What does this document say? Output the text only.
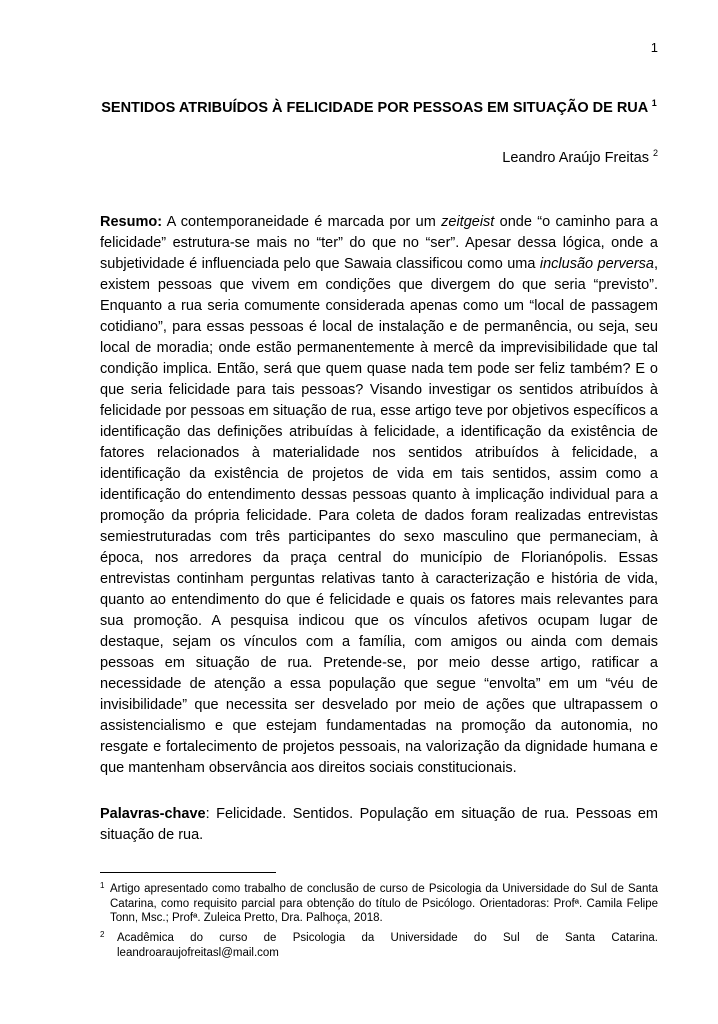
1
SENTIDOS ATRIBUÍDOS À FELICIDADE POR PESSOAS EM SITUAÇÃO DE RUA $^1$
Leandro Araújo Freitas $^2$

Resumo: A contemporaneidade é marcada por um zeitgeist onde “o caminho para a felicidade” estrutura-se mais no “ter” do que no “ser”. Apesar dessa lógica, onde a subjetividade é influenciada pelo que Sawaia classificou como uma inclusão perversa, existem pessoas que vivem em condições que divergem do que seria “previsto”. Enquanto a rua seria comumente considerada apenas como um “local de passagem cotidiano”, para essas pessoas é local de instalação e de permanência, ou seja, seu local de moradia; onde estão permanentemente à mercê da imprevisibilidade que tal condição implica. Então, será que quem quase nada tem pode ser feliz também? E o que seria felicidade para tais pessoas? Visando investigar os sentidos atribuídos à felicidade por pessoas em situação de rua, esse artigo teve por objetivos específicos a identificação das definições atribuídas à felicidade, a identificação da existência de fatores relacionados à materialidade nos sentidos atribuídos à felicidade, a identificação da existência de projetos de vida em tais sentidos, assim como a identificação do entendimento dessas pessoas quanto à implicação individual para a promoção da própria felicidade. Para coleta de dados foram realizadas entrevistas semiestruturadas com três participantes do sexo masculino que permaneciam, à época, nos arredores da praça central do município de Florianópolis. Essas entrevistas continham perguntas relativas tanto à caracterização e história de vida, quanto ao entendimento do que é felicidade e quais os fatores mais relevantes para sua promoção. A pesquisa indicou que os vínculos afetivos ocupam lugar de destaque, sejam os vínculos com a família, com amigos ou ainda com demais pessoas em situação de rua. Pretende-se, por meio desse artigo, ratificar a necessidade de atenção a essa população que segue “envolta” em um “véu de invisibilidade” que necessita ser desvelado por meio de ações que ultrapassem o assistencialismo e que estejam fundamentadas na promoção da autonomia, no resgate e fortalecimento de projetos pessoais, na valorização da dignidade humana e que mantenham observância aos direitos sociais constitucionais.

Palavras-chave: Felicidade. Sentidos. População em situação de rua. Pessoas em situação de rua.

1 Artigo apresentado como trabalho de conclusão de curso de Psicologia da Universidade do Sul de Santa Catarina, como requisito parcial para obtenção do título de Psicólogo. Orientadoras: Profª. Camila Felipe Tonn, Msc.; Profª. Zuleica Pretto, Dra. Palhoça, 2018.
2	Acadêmica do curso de Psicologia da Universidade do Sul de Santa Catarina. leandroaraujofreitasl@mail.com
